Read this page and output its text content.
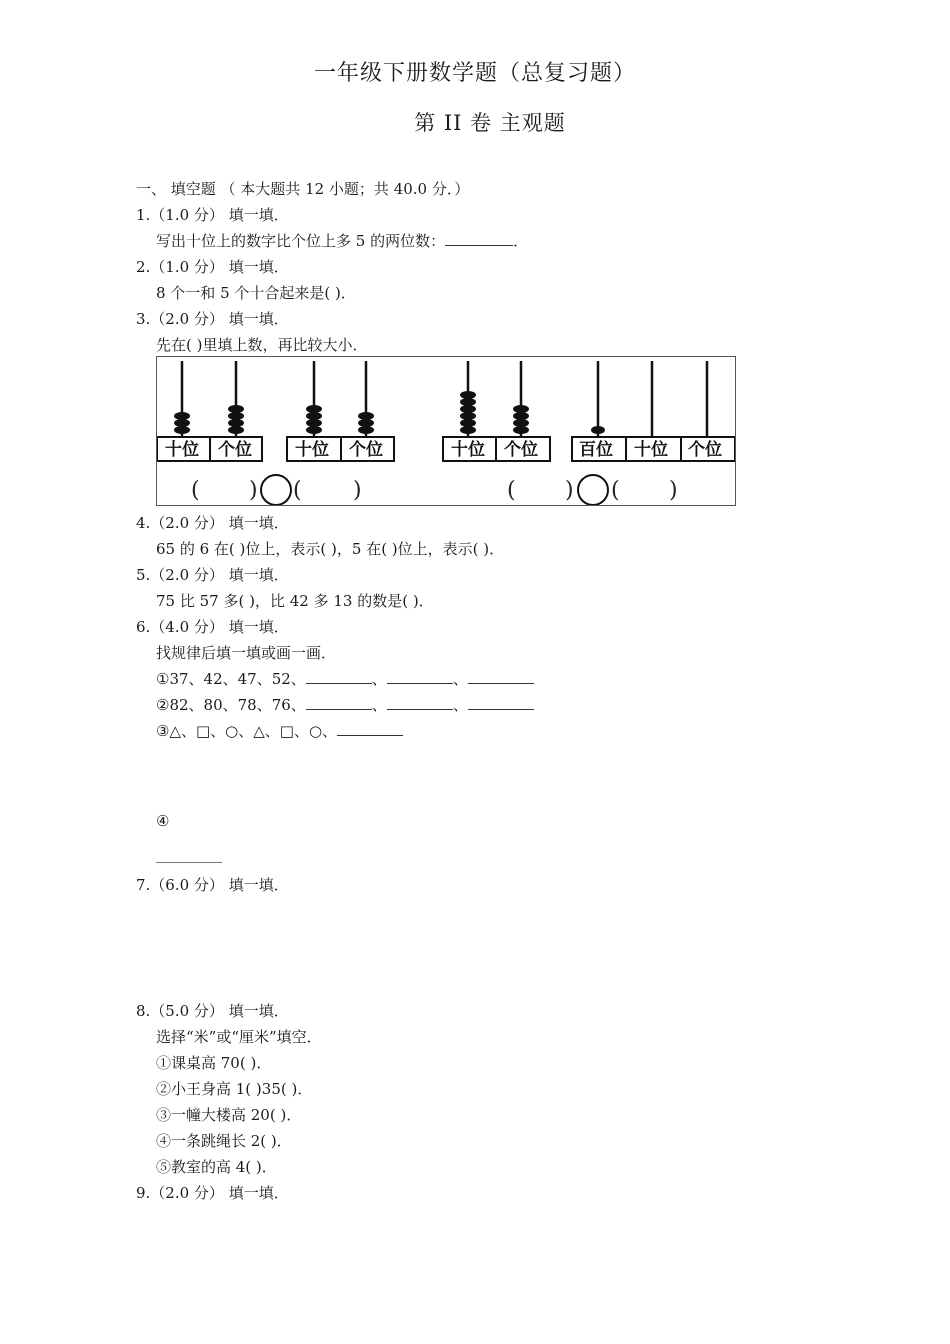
一年级下册数学题（总复习题）
第 II 卷 主观题
一、 填空题 （ 本大题共 12 小题；共 40.0 分．）
1.（1.0 分） 填一填．
写出十位上的数字比个位上多 5 的两位数：	．
2.（1.0 分） 填一填．
8 个一和 5 个十合起来是( )．
3.（2.0 分） 填一填．
先在( )里填上数，再比较大小．
十位 个位	十位 个位	十位 个位 百位 十位 个位
( ) ( )	( ) ( )
4.（2.0 分） 填一填．
65 的 6 在( )位上，表示( )，5 在( )位上，表示( )．
5.（2.0 分） 填一填．
75 比 57 多( )，比 42 多 13 的数是( )．
6.（4.0 分） 填一填．
找规律后填一填或画一画．
①37、42、47、52、	、	、
②82、80、78、76、	、	、
③△、□、○、△、□、○、
④
7.（6.0 分） 填一填．
8.（5.0 分） 填一填．
选择“米”或“厘米”填空．
①课桌高 70( )．
②小王身高 1( )35( )．
③一幢大楼高 20( )．
④一条跳绳长 2( )．
⑤教室的高 4( )．
9.（2.0 分） 填一填．
